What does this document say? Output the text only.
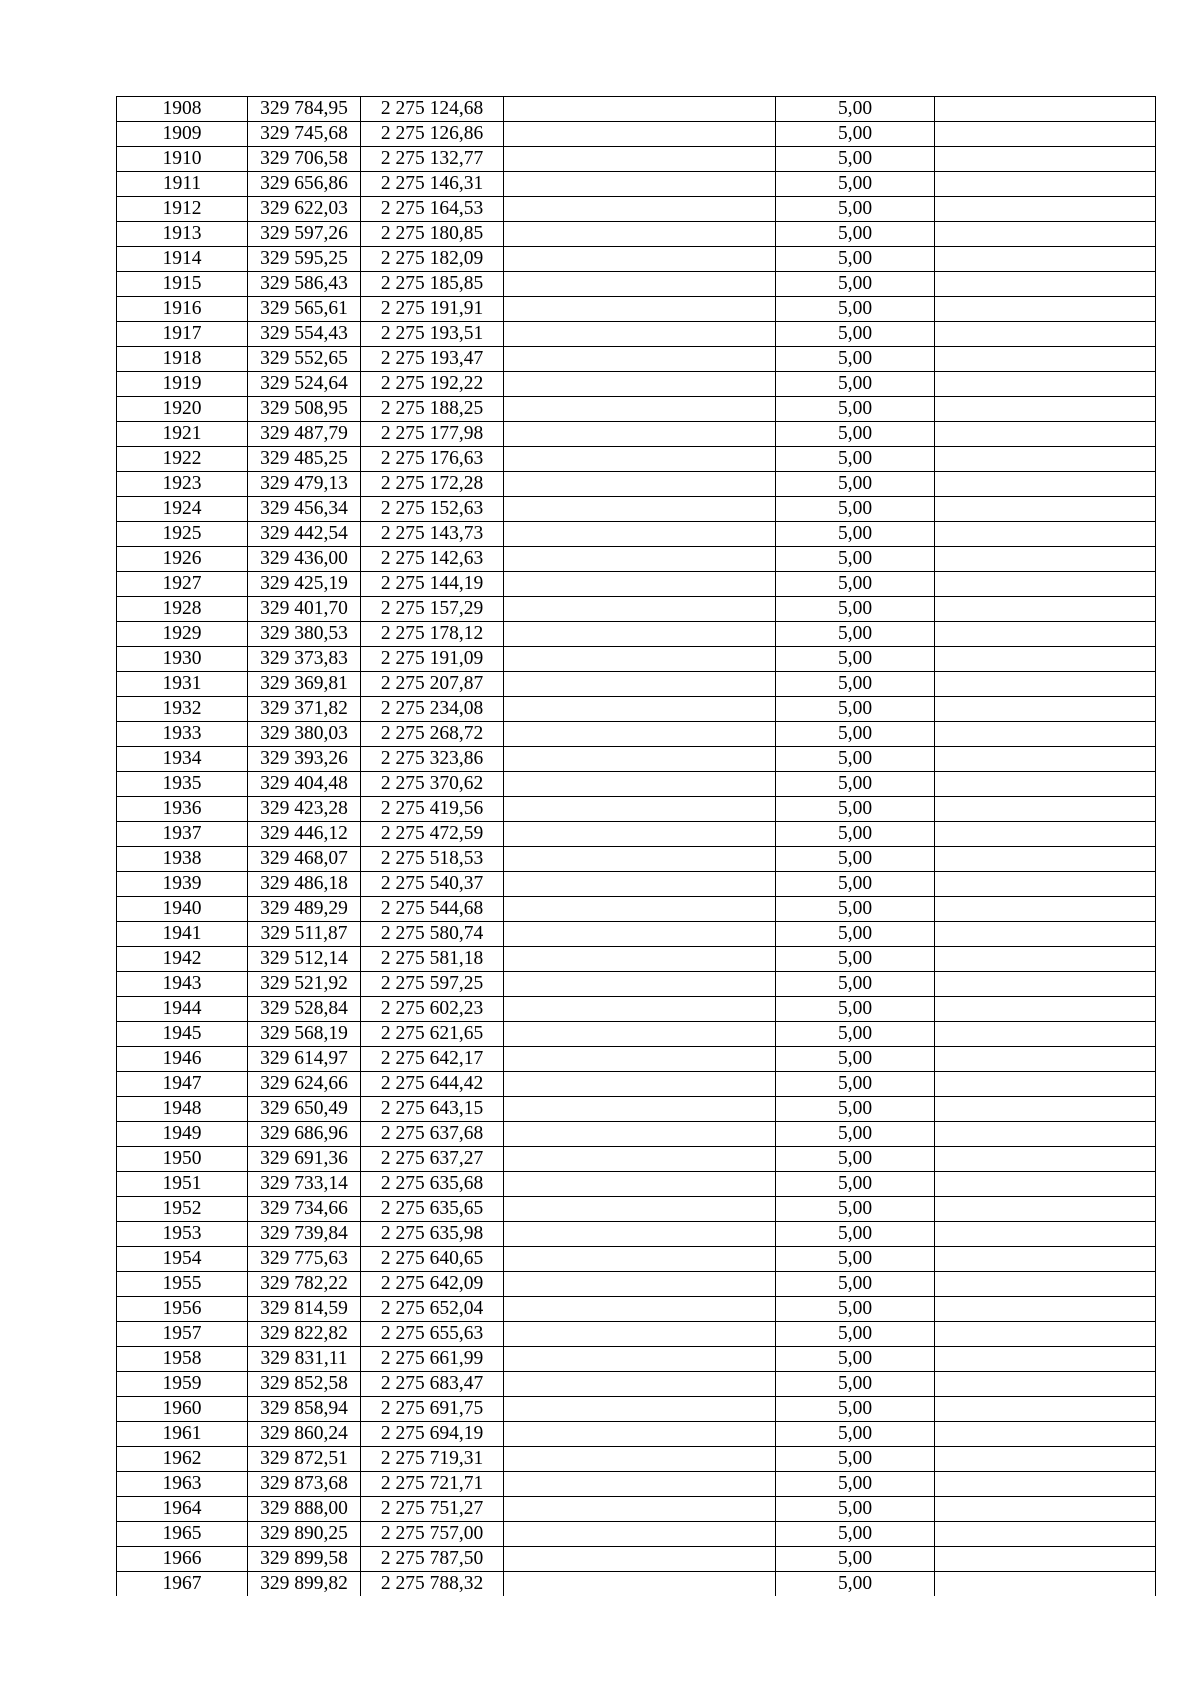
1908	329 784,95	2 275 124,68		5,00	
1909	329 745,68	2 275 126,86		5,00	
1910	329 706,58	2 275 132,77		5,00	
1911	329 656,86	2 275 146,31		5,00	
1912	329 622,03	2 275 164,53		5,00	
1913	329 597,26	2 275 180,85		5,00	
1914	329 595,25	2 275 182,09		5,00	
1915	329 586,43	2 275 185,85		5,00	
1916	329 565,61	2 275 191,91		5,00	
1917	329 554,43	2 275 193,51		5,00	
1918	329 552,65	2 275 193,47		5,00	
1919	329 524,64	2 275 192,22		5,00	
1920	329 508,95	2 275 188,25		5,00	
1921	329 487,79	2 275 177,98		5,00	
1922	329 485,25	2 275 176,63		5,00	
1923	329 479,13	2 275 172,28		5,00	
1924	329 456,34	2 275 152,63		5,00	
1925	329 442,54	2 275 143,73		5,00	
1926	329 436,00	2 275 142,63		5,00	
1927	329 425,19	2 275 144,19		5,00	
1928	329 401,70	2 275 157,29		5,00	
1929	329 380,53	2 275 178,12		5,00	
1930	329 373,83	2 275 191,09		5,00	
1931	329 369,81	2 275 207,87		5,00	
1932	329 371,82	2 275 234,08		5,00	
1933	329 380,03	2 275 268,72		5,00	
1934	329 393,26	2 275 323,86		5,00	
1935	329 404,48	2 275 370,62		5,00	
1936	329 423,28	2 275 419,56		5,00	
1937	329 446,12	2 275 472,59		5,00	
1938	329 468,07	2 275 518,53		5,00	
1939	329 486,18	2 275 540,37		5,00	
1940	329 489,29	2 275 544,68		5,00	
1941	329 511,87	2 275 580,74		5,00	
1942	329 512,14	2 275 581,18		5,00	
1943	329 521,92	2 275 597,25		5,00	
1944	329 528,84	2 275 602,23		5,00	
1945	329 568,19	2 275 621,65		5,00	
1946	329 614,97	2 275 642,17		5,00	
1947	329 624,66	2 275 644,42		5,00	
1948	329 650,49	2 275 643,15		5,00	
1949	329 686,96	2 275 637,68		5,00	
1950	329 691,36	2 275 637,27		5,00	
1951	329 733,14	2 275 635,68		5,00	
1952	329 734,66	2 275 635,65		5,00	
1953	329 739,84	2 275 635,98		5,00	
1954	329 775,63	2 275 640,65		5,00	
1955	329 782,22	2 275 642,09		5,00	
1956	329 814,59	2 275 652,04		5,00	
1957	329 822,82	2 275 655,63		5,00	
1958	329 831,11	2 275 661,99		5,00	
1959	329 852,58	2 275 683,47		5,00	
1960	329 858,94	2 275 691,75		5,00	
1961	329 860,24	2 275 694,19		5,00	
1962	329 872,51	2 275 719,31		5,00	
1963	329 873,68	2 275 721,71		5,00	
1964	329 888,00	2 275 751,27		5,00	
1965	329 890,25	2 275 757,00		5,00	
1966	329 899,58	2 275 787,50		5,00	
1967	329 899,82	2 275 788,32		5,00	
